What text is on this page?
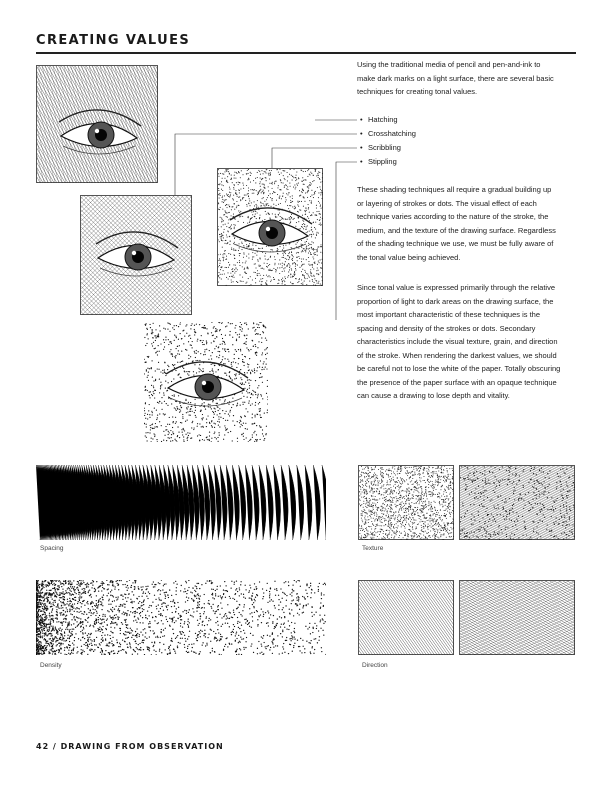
CREATING VALUES
Using the traditional media of pencil and pen-and-ink to make dark marks on a light surface, there are several basic techniques for creating tonal values.
• Hatching
• Crosshatching
• Scribbling
• Stippling
These shading techniques all require a gradual building up or layering of strokes or dots. The visual effect of each technique varies according to the nature of the stroke, the medium, and the texture of the drawing surface. Regardless of the shading technique we use, we must be fully aware of the tonal value being achieved.
Since tonal value is expressed primarily through the relative proportion of light to dark areas on the drawing surface, the most important characteristic of these techniques is the spacing and density of the strokes or dots. Secondary characteristics include the visual texture, grain, and direction of the stroke. When rendering the darkest values, we should be careful not to lose the white of the paper. Totally obscuring the presence of the paper surface with an opaque technique can cause a drawing to lose depth and vitality.
Spacing	Texture
Density	Direction
42 / DRAWING FROM OBSERVATION
